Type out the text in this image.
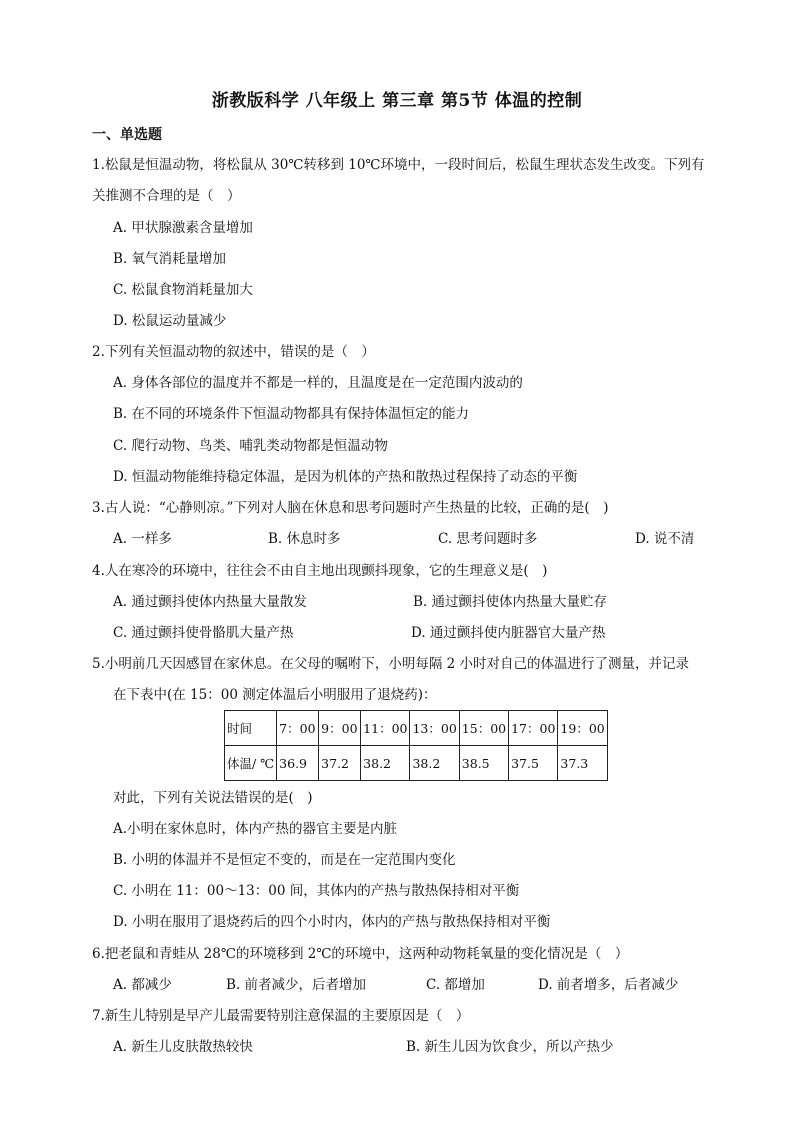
浙教版科学 八年级上 第三章 第5节 体温的控制
一、单选题
1.松鼠是恒温动物，将松鼠从 30℃转移到 10℃环境中，一段时间后，松鼠生理状态发生改变。下列有
关推测不合理的是（　）
A. 甲状腺激素含量增加
B. 氧气消耗量增加
C. 松鼠食物消耗量加大
D. 松鼠运动量减少
2.下列有关恒温动物的叙述中，错误的是（　）
A. 身体各部位的温度并不都是一样的，且温度是在一定范围内波动的
B. 在不同的环境条件下恒温动物都具有保持体温恒定的能力
C. 爬行动物、鸟类、哺乳类动物都是恒温动物
D. 恒温动物能维持稳定体温，是因为机体的产热和散热过程保持了动态的平衡
3.古人说：“心静则凉。”下列对人脑在休息和思考问题时产生热量的比较，正确的是(　)
A. 一样多	B. 休息时多	C. 思考问题时多	D. 说不清
4.人在寒冷的环境中，往往会不由自主地出现颤抖现象，它的生理意义是(　)
A. 通过颤抖使体内热量大量散发	B. 通过颤抖使体内热量大量贮存
C. 通过颤抖使骨骼肌大量产热	D. 通过颤抖使内脏器官大量产热
5.小明前几天因感冒在家休息。在父母的嘱咐下，小明每隔 2 小时对自己的体温进行了测量，并记录
在下表中(在 15：00 测定体温后小明服用了退烧药)：
时间	7：00	9：00	11：00	13：00	15：00	17：00	19：00
体温/ ℃	36.9	37.2	38.2	38.2	38.5	37.5	37.3
对此，下列有关说法错误的是(　)
A.小明在家休息时，体内产热的器官主要是内脏
B. 小明的体温并不是恒定不变的，而是在一定范围内变化
C. 小明在 11：00～13：00 间，其体内的产热与散热保持相对平衡
D. 小明在服用了退烧药后的四个小时内，体内的产热与散热保持相对平衡
6.把老鼠和青蛙从 28℃的环境移到 2℃的环境中，这两种动物耗氧量的变化情况是（　）
A. 都减少	B. 前者减少，后者增加	C. 都增加	D. 前者增多，后者减少
7.新生儿特别是早产儿最需要特别注意保温的主要原因是（　）
A. 新生儿皮肤散热较快	B. 新生儿因为饮食少，所以产热少
